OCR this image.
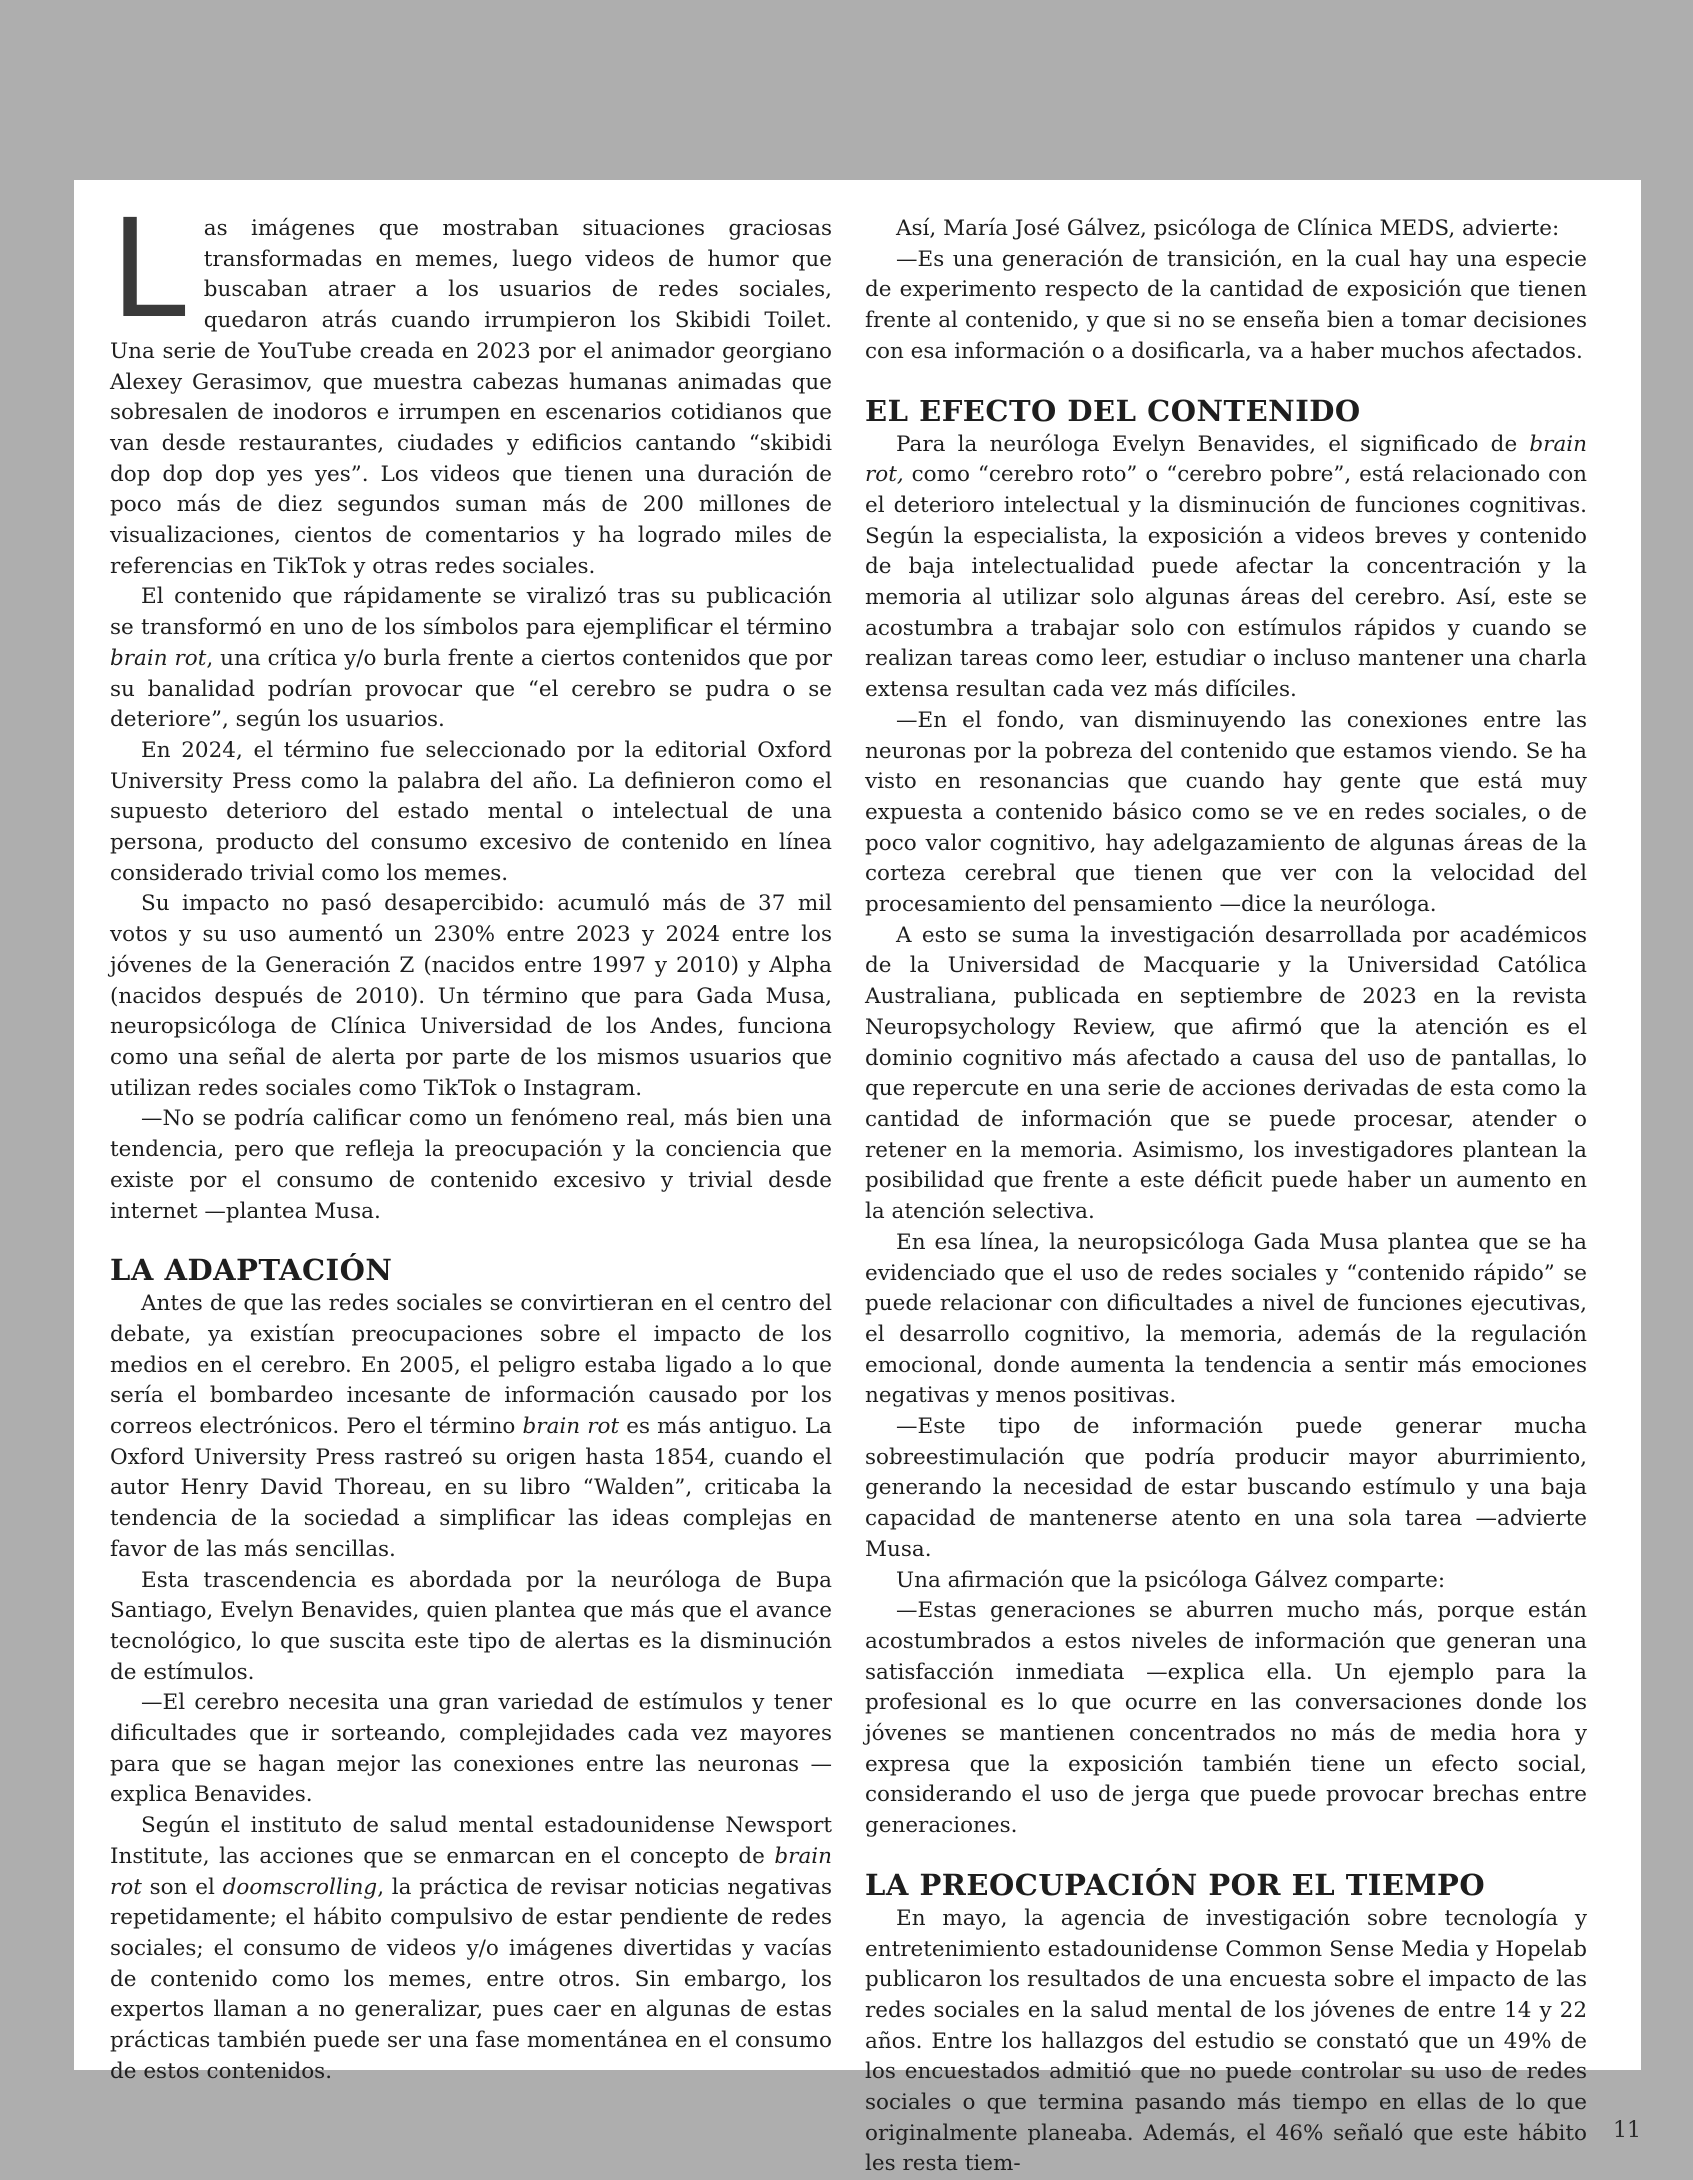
L as imágenes que mostraban situaciones graciosas transformadas en memes, luego videos de humor que buscaban atraer a los usuarios de redes sociales, quedaron atrás cuando irrumpieron los Skibidi Toilet. Una serie de YouTube creada en 2023 por el animador georgiano Alexey Gerasimov, que muestra cabezas humanas animadas que sobresalen de inodoros e irrumpen en escenarios cotidianos que van desde restaurantes, ciudades y edificios cantando “skibidi dop dop dop yes yes”. Los videos que tienen una duración de poco más de diez segundos suman más de 200 millones de visualizaciones, cientos de comentarios y ha logrado miles de referencias en TikTok y otras redes sociales.

El contenido que rápidamente se viralizó tras su publicación se transformó en uno de los símbolos para ejemplificar el término brain rot, una crítica y/o burla frente a ciertos contenidos que por su banalidad podrían provocar que “el cerebro se pudra o se deteriore”, según los usuarios.

En 2024, el término fue seleccionado por la editorial Oxford University Press como la palabra del año. La definieron como el supuesto deterioro del estado mental o intelectual de una persona, producto del consumo excesivo de contenido en línea considerado trivial como los memes.

Su impacto no pasó desapercibido: acumuló más de 37 mil votos y su uso aumentó un 230% entre 2023 y 2024 entre los jóvenes de la Generación Z (nacidos entre 1997 y 2010) y Alpha (nacidos después de 2010). Un término que para Gada Musa, neuropsicóloga de Clínica Universidad de los Andes, funciona como una señal de alerta por parte de los mismos usuarios que utilizan redes sociales como TikTok o Instagram.

—No se podría calificar como un fenómeno real, más bien una tendencia, pero que refleja la preocupación y la conciencia que existe por el consumo de contenido excesivo y trivial desde internet —plantea Musa.

LA ADAPTACIÓN

Antes de que las redes sociales se convirtieran en el centro del debate, ya existían preocupaciones sobre el impacto de los medios en el cerebro. En 2005, el peligro estaba ligado a lo que sería el bombardeo incesante de información causado por los correos electrónicos. Pero el término brain rot es más antiguo. La Oxford University Press rastreó su origen hasta 1854, cuando el autor Henry David Thoreau, en su libro “Walden”, criticaba la tendencia de la sociedad a simplificar las ideas complejas en favor de las más sencillas.

Esta trascendencia es abordada por la neuróloga de Bupa Santiago, Evelyn Benavides, quien plantea que más que el avance tecnológico, lo que suscita este tipo de alertas es la disminución de estímulos.

—El cerebro necesita una gran variedad de estímulos y tener dificultades que ir sorteando, complejidades cada vez mayores para que se hagan mejor las conexiones entre las neuronas —explica Benavides.

Según el instituto de salud mental estadounidense Newsport Institute, las acciones que se enmarcan en el concepto de brain rot son el doomscrolling, la práctica de revisar noticias negativas repetidamente; el hábito compulsivo de estar pendiente de redes sociales; el consumo de videos y/o imágenes divertidas y vacías de contenido como los memes, entre otros. Sin embargo, los expertos llaman a no generalizar, pues caer en algunas de estas prácticas también puede ser una fase momentánea en el consumo de estos contenidos.

Así, María José Gálvez, psicóloga de Clínica MEDS, advierte:

—Es una generación de transición, en la cual hay una especie de experimento respecto de la cantidad de exposición que tienen frente al contenido, y que si no se enseña bien a tomar decisiones con esa información o a dosificarla, va a haber muchos afectados.

EL EFECTO DEL CONTENIDO

Para la neuróloga Evelyn Benavides, el significado de brain rot, como “cerebro roto” o “cerebro pobre”, está relacionado con el deterioro intelectual y la disminución de funciones cognitivas. Según la especialista, la exposición a videos breves y contenido de baja intelectualidad puede afectar la concentración y la memoria al utilizar solo algunas áreas del cerebro. Así, este se acostumbra a trabajar solo con estímulos rápidos y cuando se realizan tareas como leer, estudiar o incluso mantener una charla extensa resultan cada vez más difíciles.

—En el fondo, van disminuyendo las conexiones entre las neuronas por la pobreza del contenido que estamos viendo. Se ha visto en resonancias que cuando hay gente que está muy expuesta a contenido básico como se ve en redes sociales, o de poco valor cognitivo, hay adelgazamiento de algunas áreas de la corteza cerebral que tienen que ver con la velocidad del procesamiento del pensamiento —dice la neuróloga.

A esto se suma la investigación desarrollada por académicos de la Universidad de Macquarie y la Universidad Católica Australiana, publicada en septiembre de 2023 en la revista Neuropsychology Review, que afirmó que la atención es el dominio cognitivo más afectado a causa del uso de pantallas, lo que repercute en una serie de acciones derivadas de esta como la cantidad de información que se puede procesar, atender o retener en la memoria. Asimismo, los investigadores plantean la posibilidad que frente a este déficit puede haber un aumento en la atención selectiva.

En esa línea, la neuropsicóloga Gada Musa plantea que se ha evidenciado que el uso de redes sociales y “contenido rápido” se puede relacionar con dificultades a nivel de funciones ejecutivas, el desarrollo cognitivo, la memoria, además de la regulación emocional, donde aumenta la tendencia a sentir más emociones negativas y menos positivas.

—Este tipo de información puede generar mucha sobreestimulación que podría producir mayor aburrimiento, generando la necesidad de estar buscando estímulo y una baja capacidad de mantenerse atento en una sola tarea —advierte Musa.

Una afirmación que la psicóloga Gálvez comparte:

—Estas generaciones se aburren mucho más, porque están acostumbrados a estos niveles de información que generan una satisfacción inmediata —explica ella. Un ejemplo para la profesional es lo que ocurre en las conversaciones donde los jóvenes se mantienen concentrados no más de media hora y expresa que la exposición también tiene un efecto social, considerando el uso de jerga que puede provocar brechas entre generaciones.

LA PREOCUPACIÓN POR EL TIEMPO

En mayo, la agencia de investigación sobre tecnología y entretenimiento estadounidense Common Sense Media y Hopelab publicaron los resultados de una encuesta sobre el impacto de las redes sociales en la salud mental de los jóvenes de entre 14 y 22 años. Entre los hallazgos del estudio se constató que un 49% de los encuestados admitió que no puede controlar su uso de redes sociales o que termina pasando más tiempo en ellas de lo que originalmente planeaba. Además, el 46% señaló que este hábito les resta tiem-

11
